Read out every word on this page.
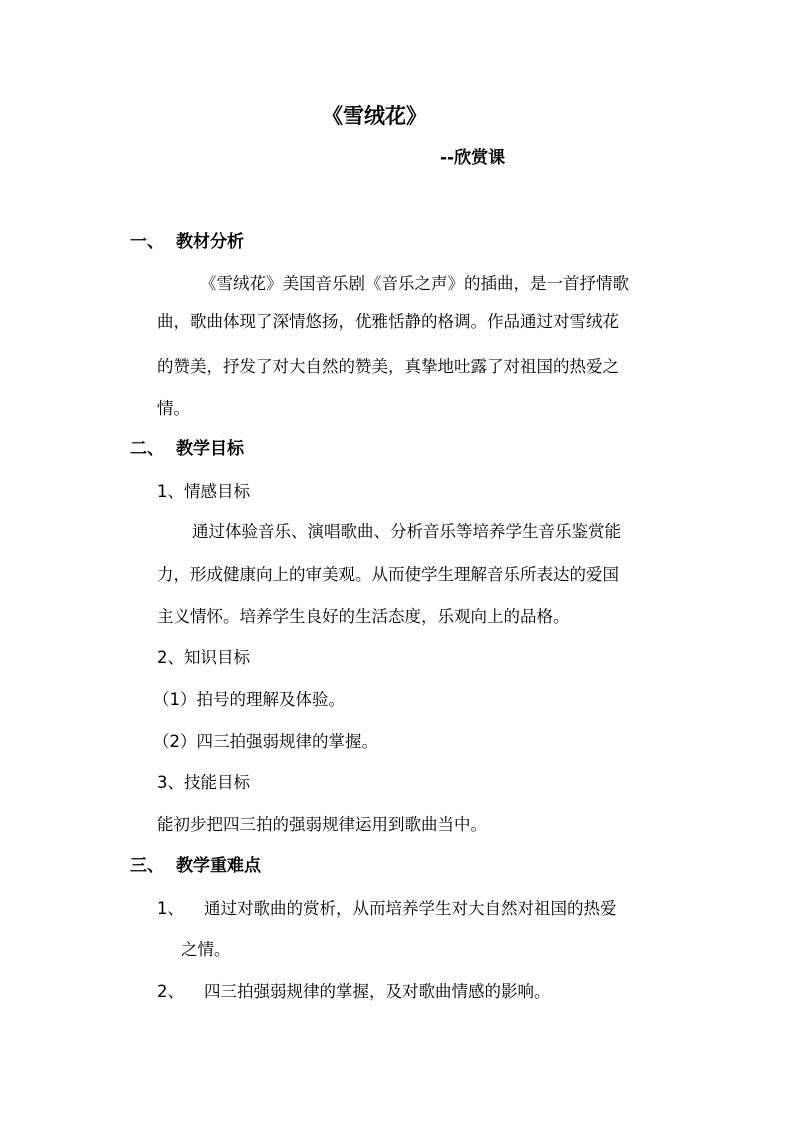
《雪绒花》
--欣赏课
一、 教材分析
《雪绒花》美国音乐剧《音乐之声》的插曲，是一首抒情歌
曲，歌曲体现了深情悠扬，优雅恬静的格调。作品通过对雪绒花
的赞美，抒发了对大自然的赞美，真挚地吐露了对祖国的热爱之
情。
二、 教学目标
1、情感目标
通过体验音乐、演唱歌曲、分析音乐等培养学生音乐鉴赏能
力，形成健康向上的审美观。从而使学生理解音乐所表达的爱国
主义情怀。培养学生良好的生活态度，乐观向上的品格。
2、知识目标
（1）拍号的理解及体验。
（2）四三拍强弱规律的掌握。
3、技能目标
能初步把四三拍的强弱规律运用到歌曲当中。
三、 教学重难点
1、 通过对歌曲的赏析，从而培养学生对大自然对祖国的热爱
之情。
2、 四三拍强弱规律的掌握，及对歌曲情感的影响。
